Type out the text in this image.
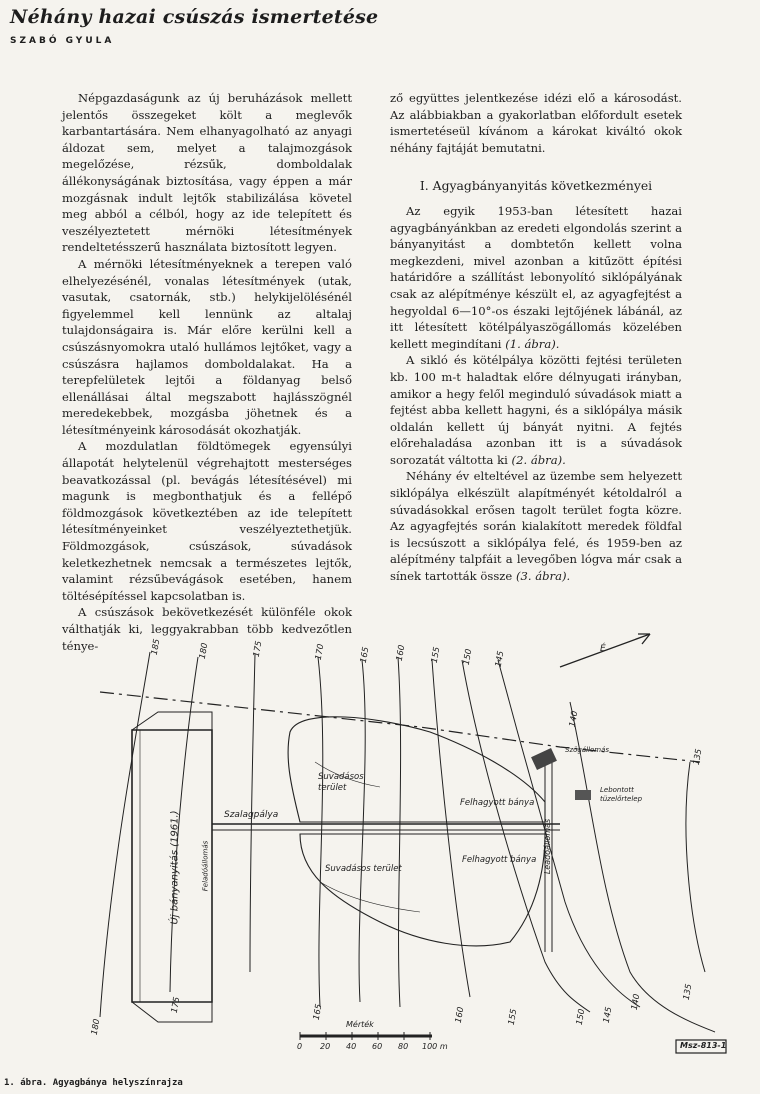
Néhány hazai csúszás ismertetése
SZABÓ GYULA

Népgazdaságunk az új beruházások mellett jelentős összegeket költ a meglevők karbantartására. Nem elhanyagolható az anyagi áldozat sem, melyet a talajmozgások megelőzése, rézsűk, domboldalak állékonyságának biztosítása, vagy éppen a már mozgásnak indult lejtők stabilizálása követel meg abból a célból, hogy az ide telepített és veszélyeztetett mérnöki létesítmények rendeltetésszerű használata biztosított legyen.

A mérnöki létesítményeknek a terepen való elhelyezésénél, vonalas létesítmények (utak, vasutak, csatornák, stb.) helykijelölésénél figyelemmel kell lennünk az altalaj tulajdonságaira is. Már előre kerülni kell a csúszásnyomokra utaló hullámos lejtőket, vagy a csúszásra hajlamos domboldalakat. Ha a terepfelületek lejtői a földanyag belső ellenállásai által megszabott hajlásszögnél meredekebbek, mozgásba jöhetnek és a létesítményeink károsodását okozhatják.

A mozdulatlan földtömegek egyensúlyi állapotát helytelenül végrehajtott mesterséges beavatkozással (pl. bevágás létesítésével) mi magunk is megbonthatjuk és a fellépő földmozgások következtében az ide telepített létesítményeinket veszélyeztethetjük. Földmozgások, csúszások, súvadások keletkezhetnek nemcsak a természetes lejtők, valamint rézsűbevágások esetében, hanem töltésépítéssel kapcsolatban is.

A csúszások bekövetkezését különféle okok válthatják ki, leggyakrabban több kedvezőtlen ténye-

ző együttes jelentkezése idézi elő a károsodást. Az alábbiakban a gyakorlatban előfordult esetek ismertetéseül kívánom a károkat kiváltó okok néhány fajtáját bemutatni.

I. Agyagbányanyitás következményei

Az egyik 1953-ban létesített hazai agyagbányánkban az eredeti elgondolás szerint a bányanyitást a dombtetőn kellett volna megkezdeni, mivel azonban a kitűzött építési határidőre a szállítást lebonyolító siklópályának csak az alépítménye készült el, az agyagfejtést a hegyoldal 6—10°-os északi lejtőjének lábánál, az itt létesített kötélpályaszögállomás közelében kellett megindítani (1. ábra).

A sikló és kötélpálya közötti fejtési területen kb. 100 m-t haladtak előre délnyugati irányban, amikor a hegy felől meginduló súvadások miatt a fejtést abba kellett hagyni, és a siklópálya másik oldalán kellett új bányát nyitni. A fejtés előrehaladása azonban itt is a súvadások sorozatát váltotta ki (2. ábra).

Néhány év elteltével az üzembe sem helyezett siklópálya elkészült alapítményét kétoldalról a súvadásokkal erősen tagolt terület fogta közre. Az agyagfejtés során kialakított meredek földfal is lecsúszott a siklópálya felé, és 1959-ben az alépítmény talpfáit a levegőben lógva már csak a sínek tartották össze (3. ábra).

185	180	175	170	165	160	155 150 145
140
135
180
175	165	160	155	150 145
140
135
Új bányanyitás (1961.)	Feladóállomás
Szalagpálya
Suvadásos terület
Suvadásos terület
Felhagyott bánya
Felhagyott bánya Leadóállomás
Szögállomás
Lebontott tüzelőrtelep
É
Mérték
0 20 40 60 80 100 m	Msz-813-1
1. ábra. Agyagbánya helyszínrajza
